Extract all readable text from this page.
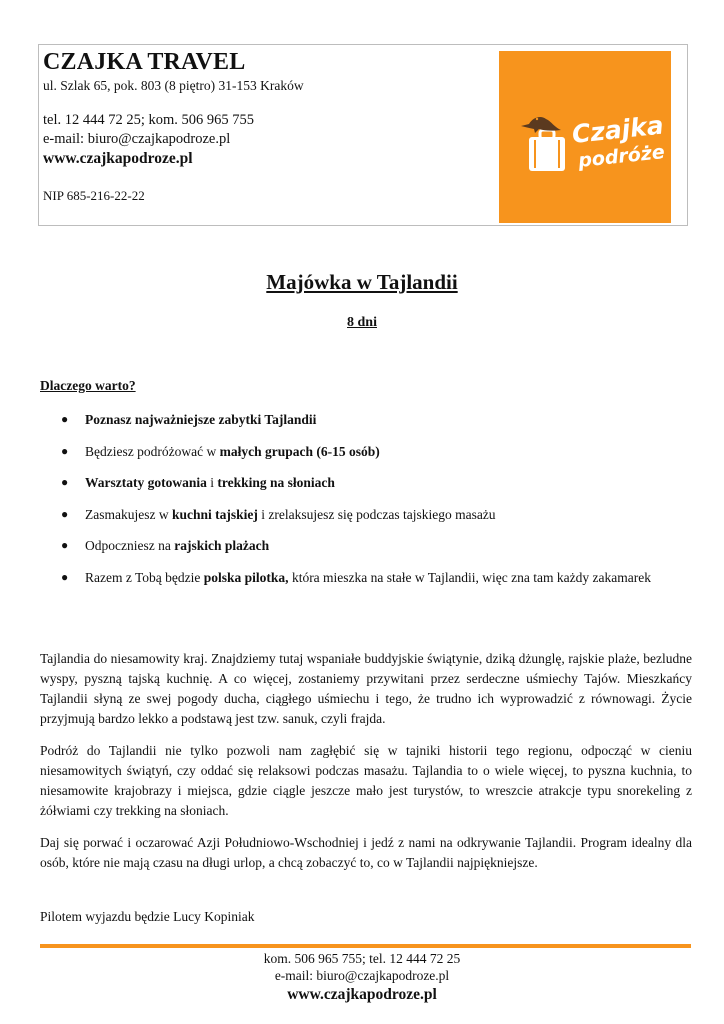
CZAJKA TRAVEL
ul. Szlak 65, pok. 803 (8 piętro) 31-153 Kraków
tel. 12 444 72 25; kom. 506 965 755
e-mail: biuro@czajkapodroze.pl
www.czajkapodroze.pl
NIP 685-216-22-22
Czajka
podróże
Majówka w Tajlandii
8 dni
Dlaczego warto?
● Poznasz najważniejsze zabytki Tajlandii
● Będziesz podróżować w małych grupach (6-15 osób)
● Warsztaty gotowania i trekking na słoniach
● Zasmakujesz w kuchni tajskiej i zrelaksujesz się podczas tajskiego masażu
● Odpoczniesz na rajskich plażach
● Razem z Tobą będzie polska pilotka, która mieszka na stałe w Tajlandii, więc zna tam każdy zakamarek

Tajlandia do niesamowity kraj. Znajdziemy tutaj wspaniałe buddyjskie świątynie, dziką dżunglę, rajskie plaże, bezludne wyspy, pyszną tajską kuchnię. A co więcej, zostaniemy przywitani przez serdeczne uśmiechy Tajów. Mieszkańcy Tajlandii słyną ze swej pogody ducha, ciągłego uśmiechu i tego, że trudno ich wyprowadzić z równowagi. Życie przyjmują bardzo lekko a podstawą jest tzw. sanuk, czyli frajda.

Podróż do Tajlandii nie tylko pozwoli nam zagłębić się w tajniki historii tego regionu, odpocząć w cieniu niesamowitych świątyń, czy oddać się relaksowi podczas masażu. Tajlandia to o wiele więcej, to pyszna kuchnia, to niesamowite krajobrazy i miejsca, gdzie ciągle jeszcze mało jest turystów, to wreszcie atrakcje typu snorekeling z żółwiami czy trekking na słoniach.

Daj się porwać i oczarować Azji Południowo-Wschodniej i jedź z nami na odkrywanie Tajlandii. Program idealny dla osób, które nie mają czasu na długi urlop, a chcą zobaczyć to, co w Tajlandii najpiękniejsze.

Pilotem wyjazdu będzie Lucy Kopiniak
kom. 506 965 755; tel. 12 444 72 25
e-mail: biuro@czajkapodroze.pl
www.czajkapodroze.pl
